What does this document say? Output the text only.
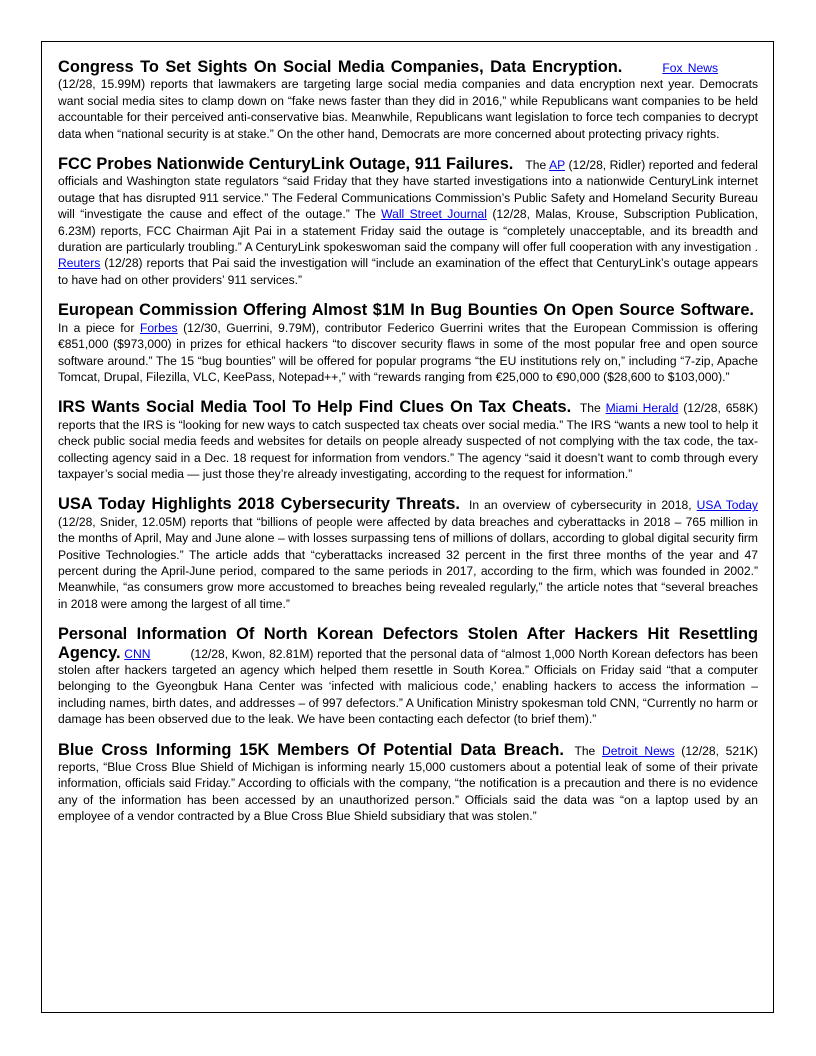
Congress To Set Sights On Social Media Companies, Data Encryption.	Fox News(12/28, 15.99M) reports that lawmakers are targeting large social media companies and data encryption next year. Democrats want social media sites to clamp down on “fake news faster than they did in 2016,” while Republicans want companies to be held accountable for their perceived anti-conservative bias. Meanwhile, Republicans want legislation to force tech companies to decrypt data when “national security is at stake.” On the other hand, Democrats are more concerned about protecting privacy rights.

FCC Probes Nationwide CenturyLink Outage, 911 Failures. The AP (12/28, Ridler) reported and federal officials and Washington state regulators “said Friday that they have started investigations into a nationwide CenturyLink internet outage that has disrupted 911 service.” The Federal Communications Commission’s Public Safety and Homeland Security Bureau will “investigate the cause and effect of the outage.” The Wall Street Journal (12/28, Malas, Krouse, Subscription Publication, 6.23M) reports, FCC Chairman Ajit Pai in a statement Friday said the outage is “completely unacceptable, and its breadth and duration are particularly troubling.” A CenturyLink spokeswoman said the company will offer full cooperation with any investigation . Reuters (12/28) reports that Pai said the investigation will “include an examination of the effect that CenturyLink’s outage appears to have had on other providers’ 911 services.”

European Commission Offering Almost $1M In Bug Bounties On Open Source Software. In a piece for Forbes (12/30, Guerrini, 9.79M), contributor Federico Guerrini writes that the European Commission is offering €851,000 ($973,000) in prizes for ethical hackers “to discover security flaws in some of the most popular free and open source software around.” The 15 “bug bounties” will be offered for popular programs “the EU institutions rely on,” including “7-zip, Apache Tomcat, Drupal, Filezilla, VLC, KeePass, Notepad++,” with “rewards ranging from €25,000 to €90,000 ($28,600 to $103,000).”

IRS Wants Social Media Tool To Help Find Clues On Tax Cheats. The Miami Herald (12/28, 658K) reports that the IRS is “looking for new ways to catch suspected tax cheats over social media.” The IRS “wants a new tool to help it check public social media feeds and websites for details on people already suspected of not complying with the tax code, the tax-collecting agency said in a Dec. 18 request for information from vendors.” The agency “said it doesn’t want to comb through every taxpayer’s social media — just those they’re already investigating, according to the request for information.”

USA Today Highlights 2018 Cybersecurity Threats. In an overview of cybersecurity in 2018, USA Today (12/28, Snider, 12.05M) reports that “billions of people were affected by data breaches and cyberattacks in 2018 – 765 million in the months of April, May and June alone – with losses surpassing tens of millions of dollars, according to global digital security firm Positive Technologies.” The article adds that “cyberattacks increased 32 percent in the first three months of the year and 47 percent during the April-June period, compared to the same periods in 2017, according to the firm, which was founded in 2002.” Meanwhile, “as consumers grow more accustomed to breaches being revealed regularly,” the article notes that “several breaches in 2018 were among the largest of all time.”

Personal Information Of North Korean Defectors Stolen After Hackers Hit Resettling Agency. CNN	(12/28, Kwon, 82.81M) reported that the personal data of “almost 1,000 North Korean defectors has been stolen after hackers targeted an agency which helped them resettle in South Korea.” Officials on Friday said “that a computer belonging to the Gyeongbuk Hana Center was ‘infected with malicious code,’ enabling hackers to access the information – including names, birth dates, and addresses – of 997 defectors.” A Unification Ministry spokesman told CNN, “Currently no harm or damage has been observed due to the leak. We have been contacting each defector (to brief them).”

Blue Cross Informing 15K Members Of Potential Data Breach. The Detroit News (12/28, 521K) reports, “Blue Cross Blue Shield of Michigan is informing nearly 15,000 customers about a potential leak of some of their private information, officials said Friday.” According to officials with the company, “the notification is a precaution and there is no evidence any of the information has been accessed by an unauthorized person.” Officials said the data was “on a laptop used by an employee of a vendor contracted by a Blue Cross Blue Shield subsidiary that was stolen.”
